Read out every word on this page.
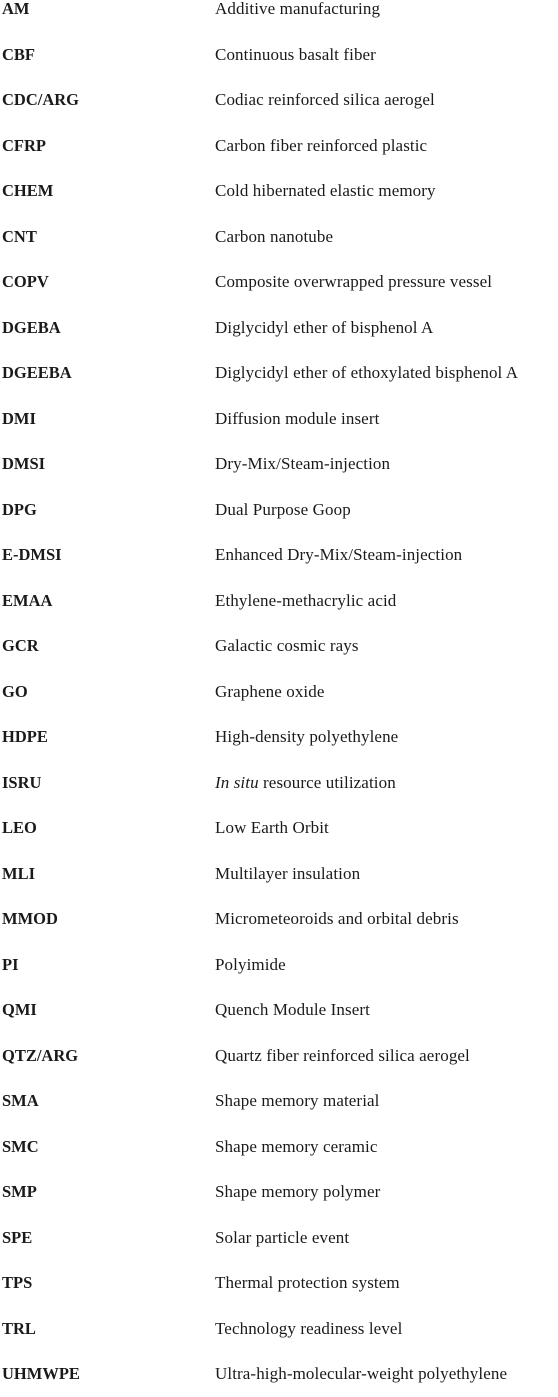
AM	Additive manufacturing
CBF	Continuous basalt fiber
CDC/ARG	Codiac reinforced silica aerogel
CFRP	Carbon fiber reinforced plastic
CHEM	Cold hibernated elastic memory
CNT	Carbon nanotube
COPV	Composite overwrapped pressure vessel
DGEBA	Diglycidyl ether of bisphenol A
DGEEBA	Diglycidyl ether of ethoxylated bisphenol A
DMI	Diffusion module insert
DMSI	Dry-Mix/Steam-injection
DPG	Dual Purpose Goop
E-DMSI	Enhanced Dry-Mix/Steam-injection
EMAA	Ethylene-methacrylic acid
GCR	Galactic cosmic rays
GO	Graphene oxide
HDPE	High-density polyethylene
ISRU	In situ resource utilization
LEO	Low Earth Orbit
MLI	Multilayer insulation
MMOD	Micrometeoroids and orbital debris
PI	Polyimide
QMI	Quench Module Insert
QTZ/ARG	Quartz fiber reinforced silica aerogel
SMA	Shape memory material
SMC	Shape memory ceramic
SMP	Shape memory polymer
SPE	Solar particle event
TPS	Thermal protection system
TRL	Technology readiness level
UHMWPE	Ultra-high-molecular-weight polyethylene
